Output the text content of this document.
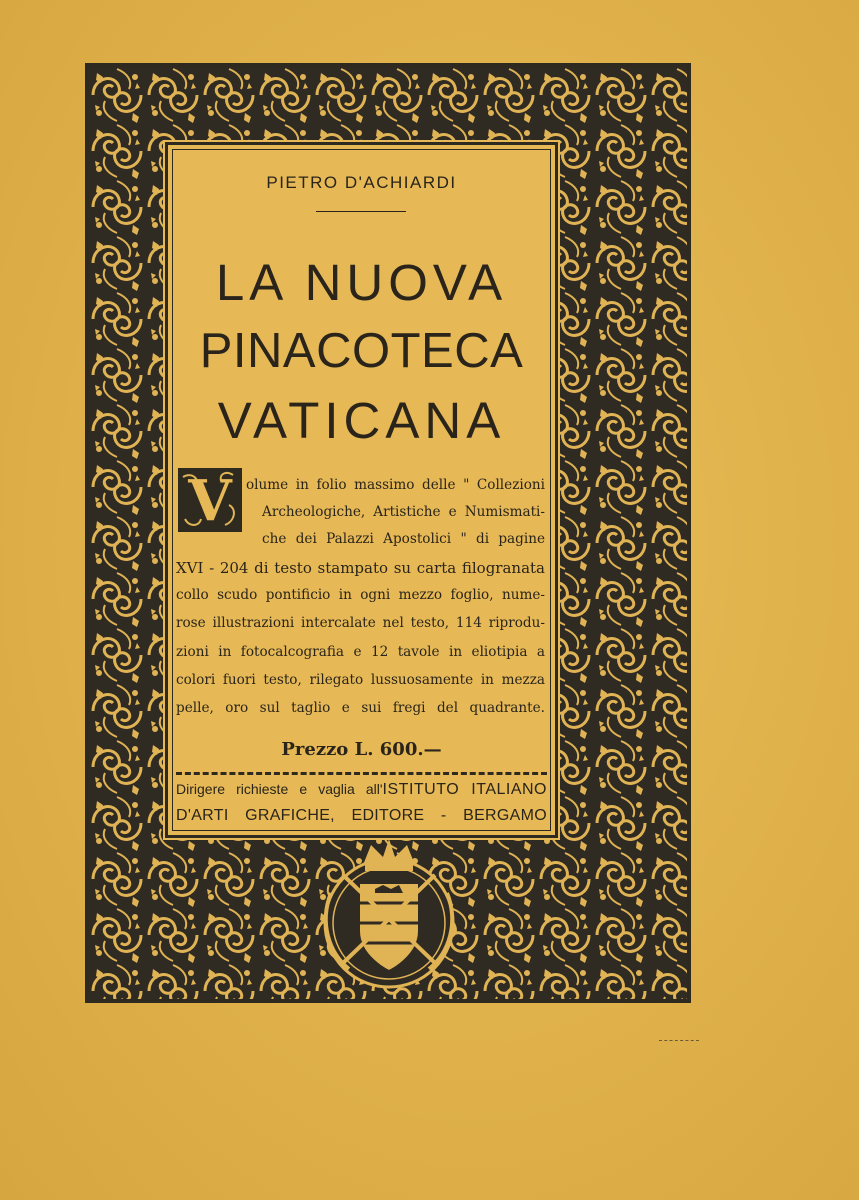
PIETRO D'ACHIARDI
LA NUOVA
PINACOTECA
VATICANA
V	olume in folio massimo delle " Collezioni
Archeologiche, Artistiche e Numismati-
che dei Palazzi Apostolici " di pagine
XVI - 204 di testo stampato su carta filogranata
collo scudo pontificio in ogni mezzo foglio, nume-
rose illustrazioni intercalate nel testo, 114 riprodu-
zioni in fotocalcografia e 12 tavole in eliotipia a
colori fuori testo, rilegato lussuosamente in mezza
pelle, oro sul taglio e sui fregi del quadrante.
Prezzo L. 600.—
Dirigere richieste e vaglia all'ISTITUTO ITALIANO
D'ARTI GRAFICHE, EDITORE - BERGAMO
